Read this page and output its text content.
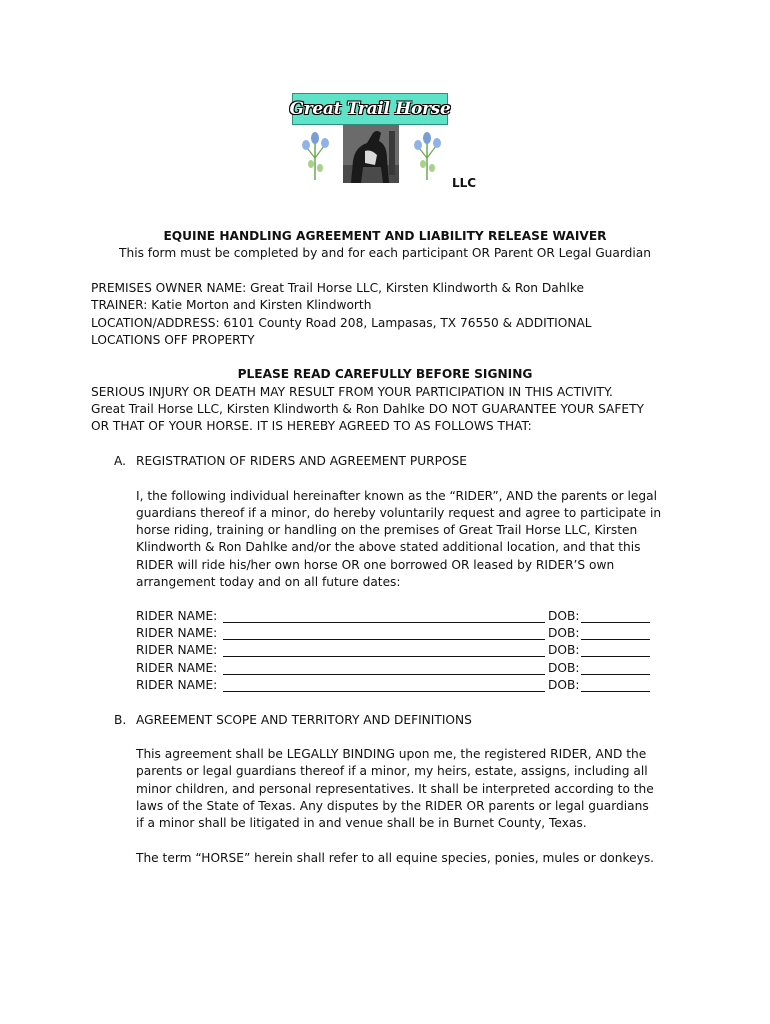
Great Trail Horse
LLC
EQUINE HANDLING AGREEMENT AND LIABILITY RELEASE WAIVER
This form must be completed by and for each participant OR Parent OR Legal Guardian
PREMISES OWNER NAME: Great Trail Horse LLC, Kirsten Klindworth & Ron Dahlke
TRAINER: Katie Morton and Kirsten Klindworth
LOCATION/ADDRESS: 6101 County Road 208, Lampasas, TX 76550 & ADDITIONAL
LOCATIONS OFF PROPERTY
PLEASE READ CAREFULLY BEFORE SIGNING
SERIOUS INJURY OR DEATH MAY RESULT FROM YOUR PARTICIPATION IN THIS ACTIVITY.
Great Trail Horse LLC, Kirsten Klindworth & Ron Dahlke DO NOT GUARANTEE YOUR SAFETY
OR THAT OF YOUR HORSE. IT IS HEREBY AGREED TO AS FOLLOWS THAT:
A. REGISTRATION OF RIDERS AND AGREEMENT PURPOSE
I, the following individual hereinafter known as the “RIDER”, AND the parents or legal
guardians thereof if a minor, do hereby voluntarily request and agree to participate in
horse riding, training or handling on the premises of Great Trail Horse LLC, Kirsten
Klindworth & Ron Dahlke and/or the above stated additional location, and that this
RIDER will ride his/her own horse OR one borrowed OR leased by RIDER’S own
arrangement today and on all future dates:
RIDER NAME:	DOB:
RIDER NAME:	DOB:
RIDER NAME:	DOB:
RIDER NAME:	DOB:
RIDER NAME:	DOB:
B. AGREEMENT SCOPE AND TERRITORY AND DEFINITIONS
This agreement shall be LEGALLY BINDING upon me, the registered RIDER, AND the
parents or legal guardians thereof if a minor, my heirs, estate, assigns, including all
minor children, and personal representatives. It shall be interpreted according to the
laws of the State of Texas. Any disputes by the RIDER OR parents or legal guardians
if a minor shall be litigated in and venue shall be in Burnet County, Texas.
The term “HORSE” herein shall refer to all equine species, ponies, mules or donkeys.
